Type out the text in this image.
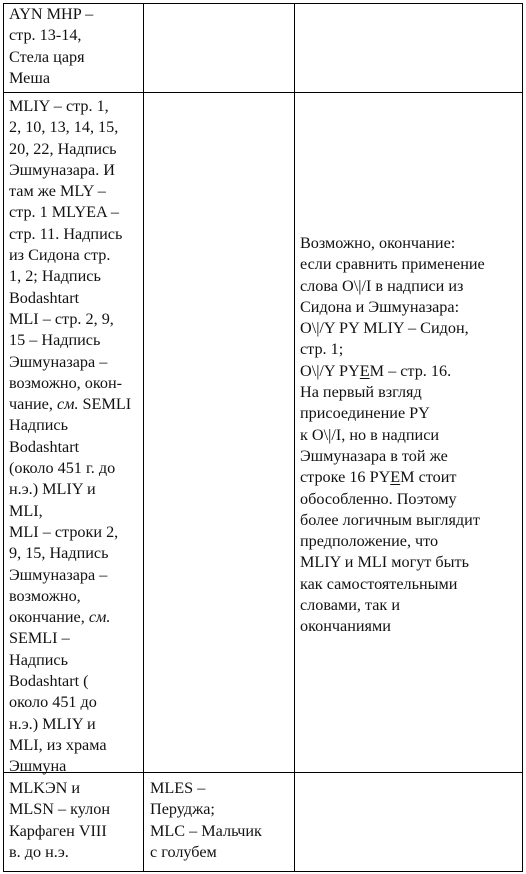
AYN MHP –
стр. 13-14,
Стела царя
Меша
MLIY – стр. 1,
2, 10, 13, 14, 15,
20, 22, Надпись
Эшмуназара. И
там же MLY –
стр. 1 MLYEA –
стр. 11. Надпись
из Сидона стр.
1, 2; Надпись
Bodashtart
MLI – стр. 2, 9,
15 – Надпись
Эшмуназара –
возможно, окон-
чание, см. SEMLI
Надпись
Bodashtart
(около 451 г. до
н.э.) MLIY и
MLI,
MLI – строки 2,
9, 15, Надпись
Эшмуназара –
возможно,
окончание, см.
SEMLI –
Надпись
Bodashtart (
около 451 до
н.э.) MLIY и
MLI, из храма
Эшмуна
Возможно, окончание:
если сравнить применение
слова O\|/I в надписи из
Сидона и Эшмуназара:
O\|/Y PY MLIY – Сидон,
стр. 1;
O\|/Y PYEM – стр. 16.
На первый взгляд
присоединение PY
к O\|/I, но в надписи
Эшмуназара в той же
строке 16 PYEM стоит
обособленно. Поэтому
более логичным выглядит
предположение, что
MLIY и MLI могут быть
как самостоятельными
словами, так и
окончаниями
MLKЭN и
MLSN – кулон
Карфаген VIII
в. до н.э.
MLES –
Перуджа;
MLC – Мальчик
с голубем
